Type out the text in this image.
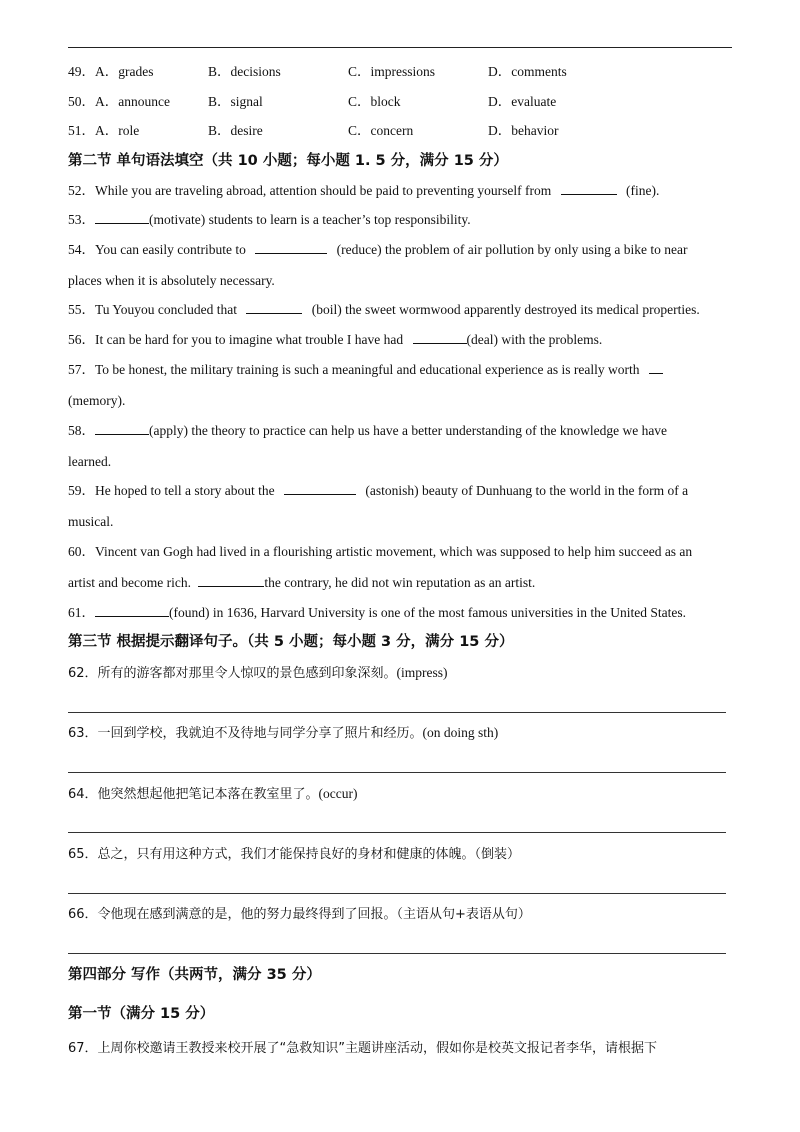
49．A．grades	B．decisions	C．impressions	D．comments
50．A．announce	B．signal	C．block	D．evaluate
51．A．role	B．desire	C．concern	D．behavior
第二节 单句语法填空（共 10 小题；每小题 1. 5 分，满分 15 分）
52．While you are traveling abroad, attention should be paid to preventing yourself from	(fine).
53．	(motivate) students to learn is a teacher’s top responsibility.
54．You can easily contribute to	(reduce) the problem of air pollution by only using a bike to near
places when it is absolutely necessary.
55．Tu Youyou concluded that	(boil) the sweet wormwood apparently destroyed its medical properties.
56．It can be hard for you to imagine what trouble I have had	(deal) with the problems.
57．To be honest, the military training is such a meaningful and educational experience as is really worth
(memory).
58．	(apply) the theory to practice can help us have a better understanding of the knowledge we have
learned.
59．He hoped to tell a story about the	(astonish) beauty of Dunhuang to the world in the form of a
musical.
60．Vincent van Gogh had lived in a flourishing artistic movement, which was supposed to help him succeed as an
artist and become rich.	the contrary, he did not win reputation as an artist.
61．	(found) in 1636, Harvard University is one of the most famous universities in the United States.
第三节 根据提示翻译句子。（共 5 小题；每小题 3 分，满分 15 分）
62．所有的游客都对那里令人惊叹的景色感到印象深刻。(impress)
63．一回到学校，我就迫不及待地与同学分享了照片和经历。(on doing sth)
64．他突然想起他把笔记本落在教室里了。(occur)
65．总之，只有用这种方式，我们才能保持良好的身材和健康的体魄。（倒装）
66．令他现在感到满意的是，他的努力最终得到了回报。（主语从句+表语从句）
第四部分 写作（共两节，满分 35 分）
第一节（满分 15 分）
67．上周你校邀请王教授来校开展了“急救知识”主题讲座活动，假如你是校英文报记者李华，请根据下
